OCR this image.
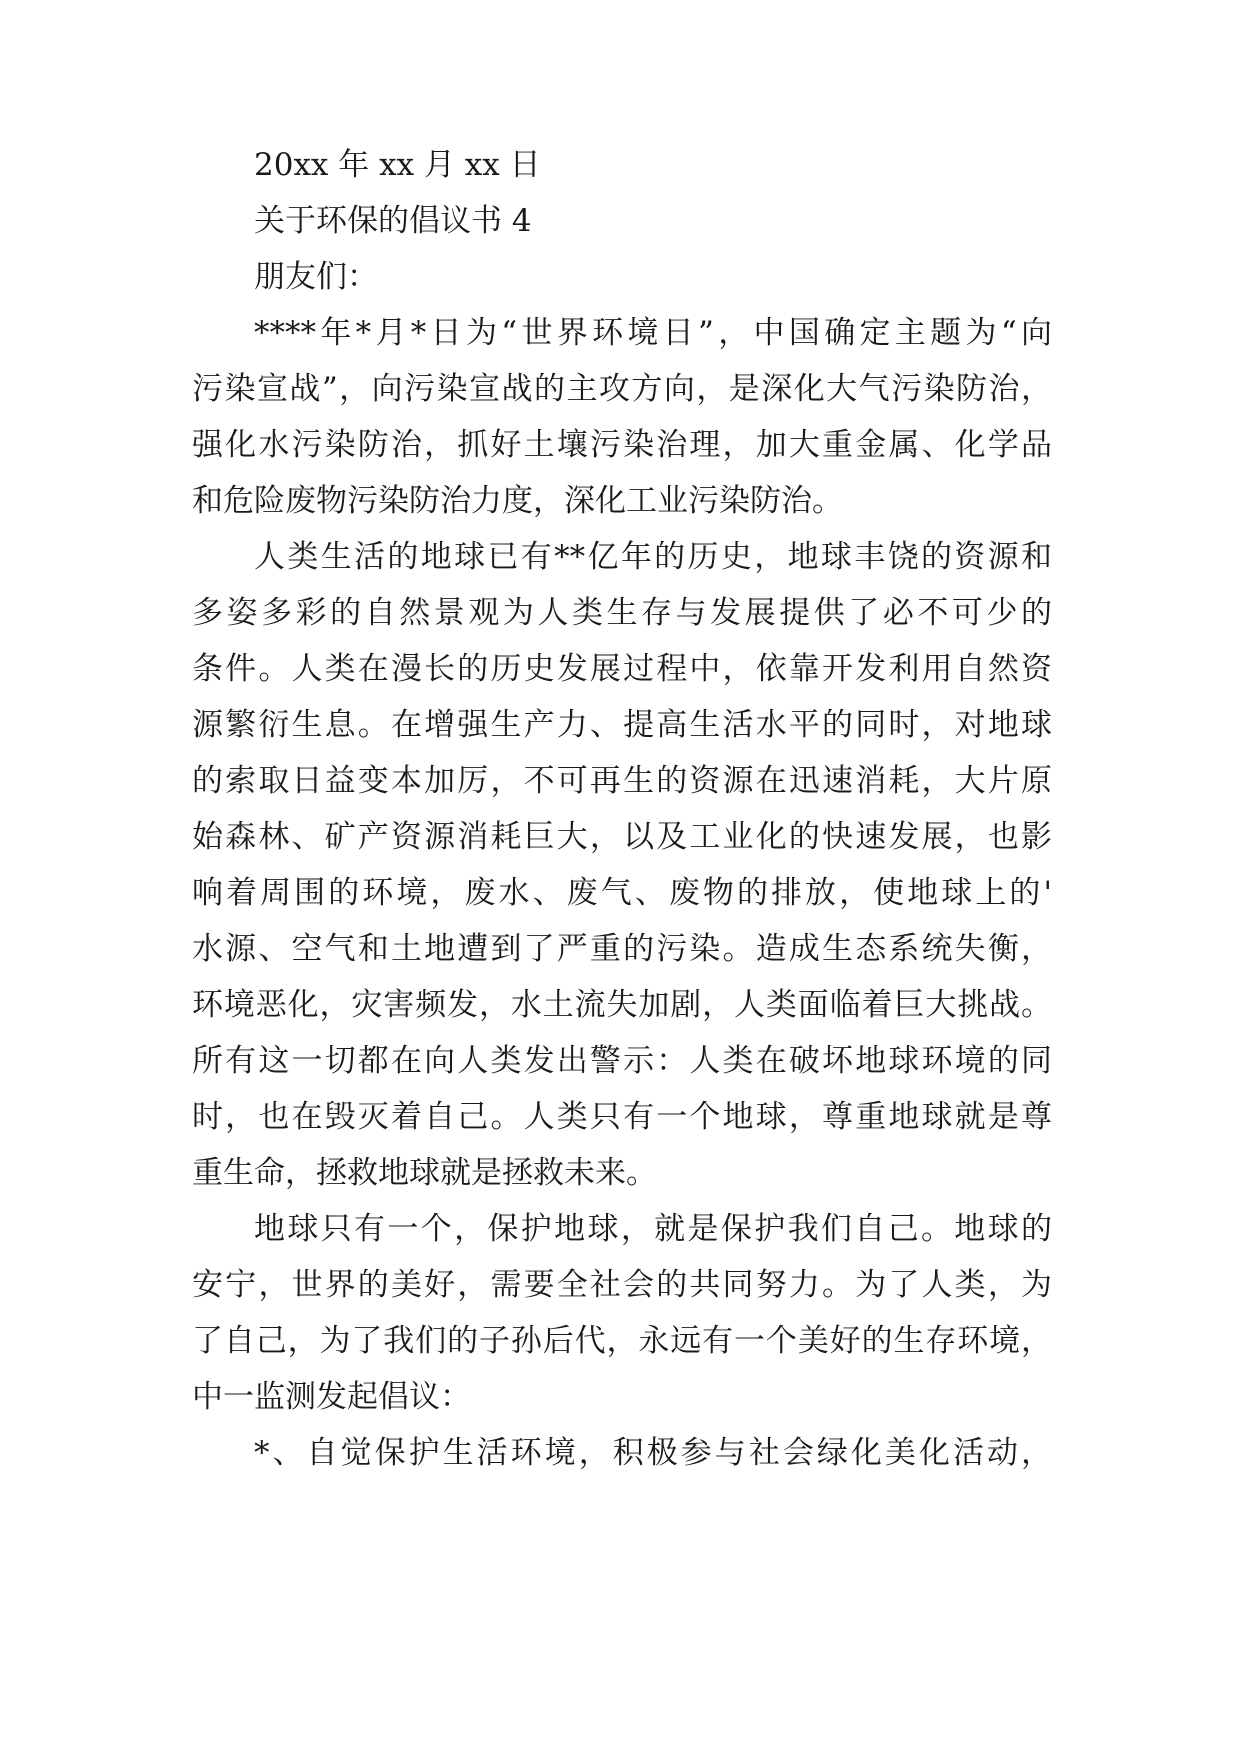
20xx 年 xx 月 xx 日
关于环保的倡议书 4
朋友们：
****年*月*日为“世界环境日”，中国确定主题为“向
污染宣战”，向污染宣战的主攻方向，是深化大气污染防治，
强化水污染防治，抓好土壤污染治理，加大重金属、化学品
和危险废物污染防治力度，深化工业污染防治。
人类生活的地球已有**亿年的历史，地球丰饶的资源和
多姿多彩的自然景观为人类生存与发展提供了必不可少的
条件。人类在漫长的历史发展过程中，依靠开发利用自然资
源繁衍生息。在增强生产力、提高生活水平的同时，对地球
的索取日益变本加厉，不可再生的资源在迅速消耗，大片原
始森林、矿产资源消耗巨大，以及工业化的快速发展，也影
响着周围的环境，废水、废气、废物的排放，使地球上的'
水源、空气和土地遭到了严重的污染。造成生态系统失衡，
环境恶化，灾害频发，水土流失加剧，人类面临着巨大挑战。
所有这一切都在向人类发出警示：人类在破坏地球环境的同
时，也在毁灭着自己。人类只有一个地球，尊重地球就是尊
重生命，拯救地球就是拯救未来。
地球只有一个，保护地球，就是保护我们自己。地球的
安宁，世界的美好，需要全社会的共同努力。为了人类，为
了自己，为了我们的子孙后代，永远有一个美好的生存环境，
中一监测发起倡议：
*、自觉保护生活环境，积极参与社会绿化美化活动，
